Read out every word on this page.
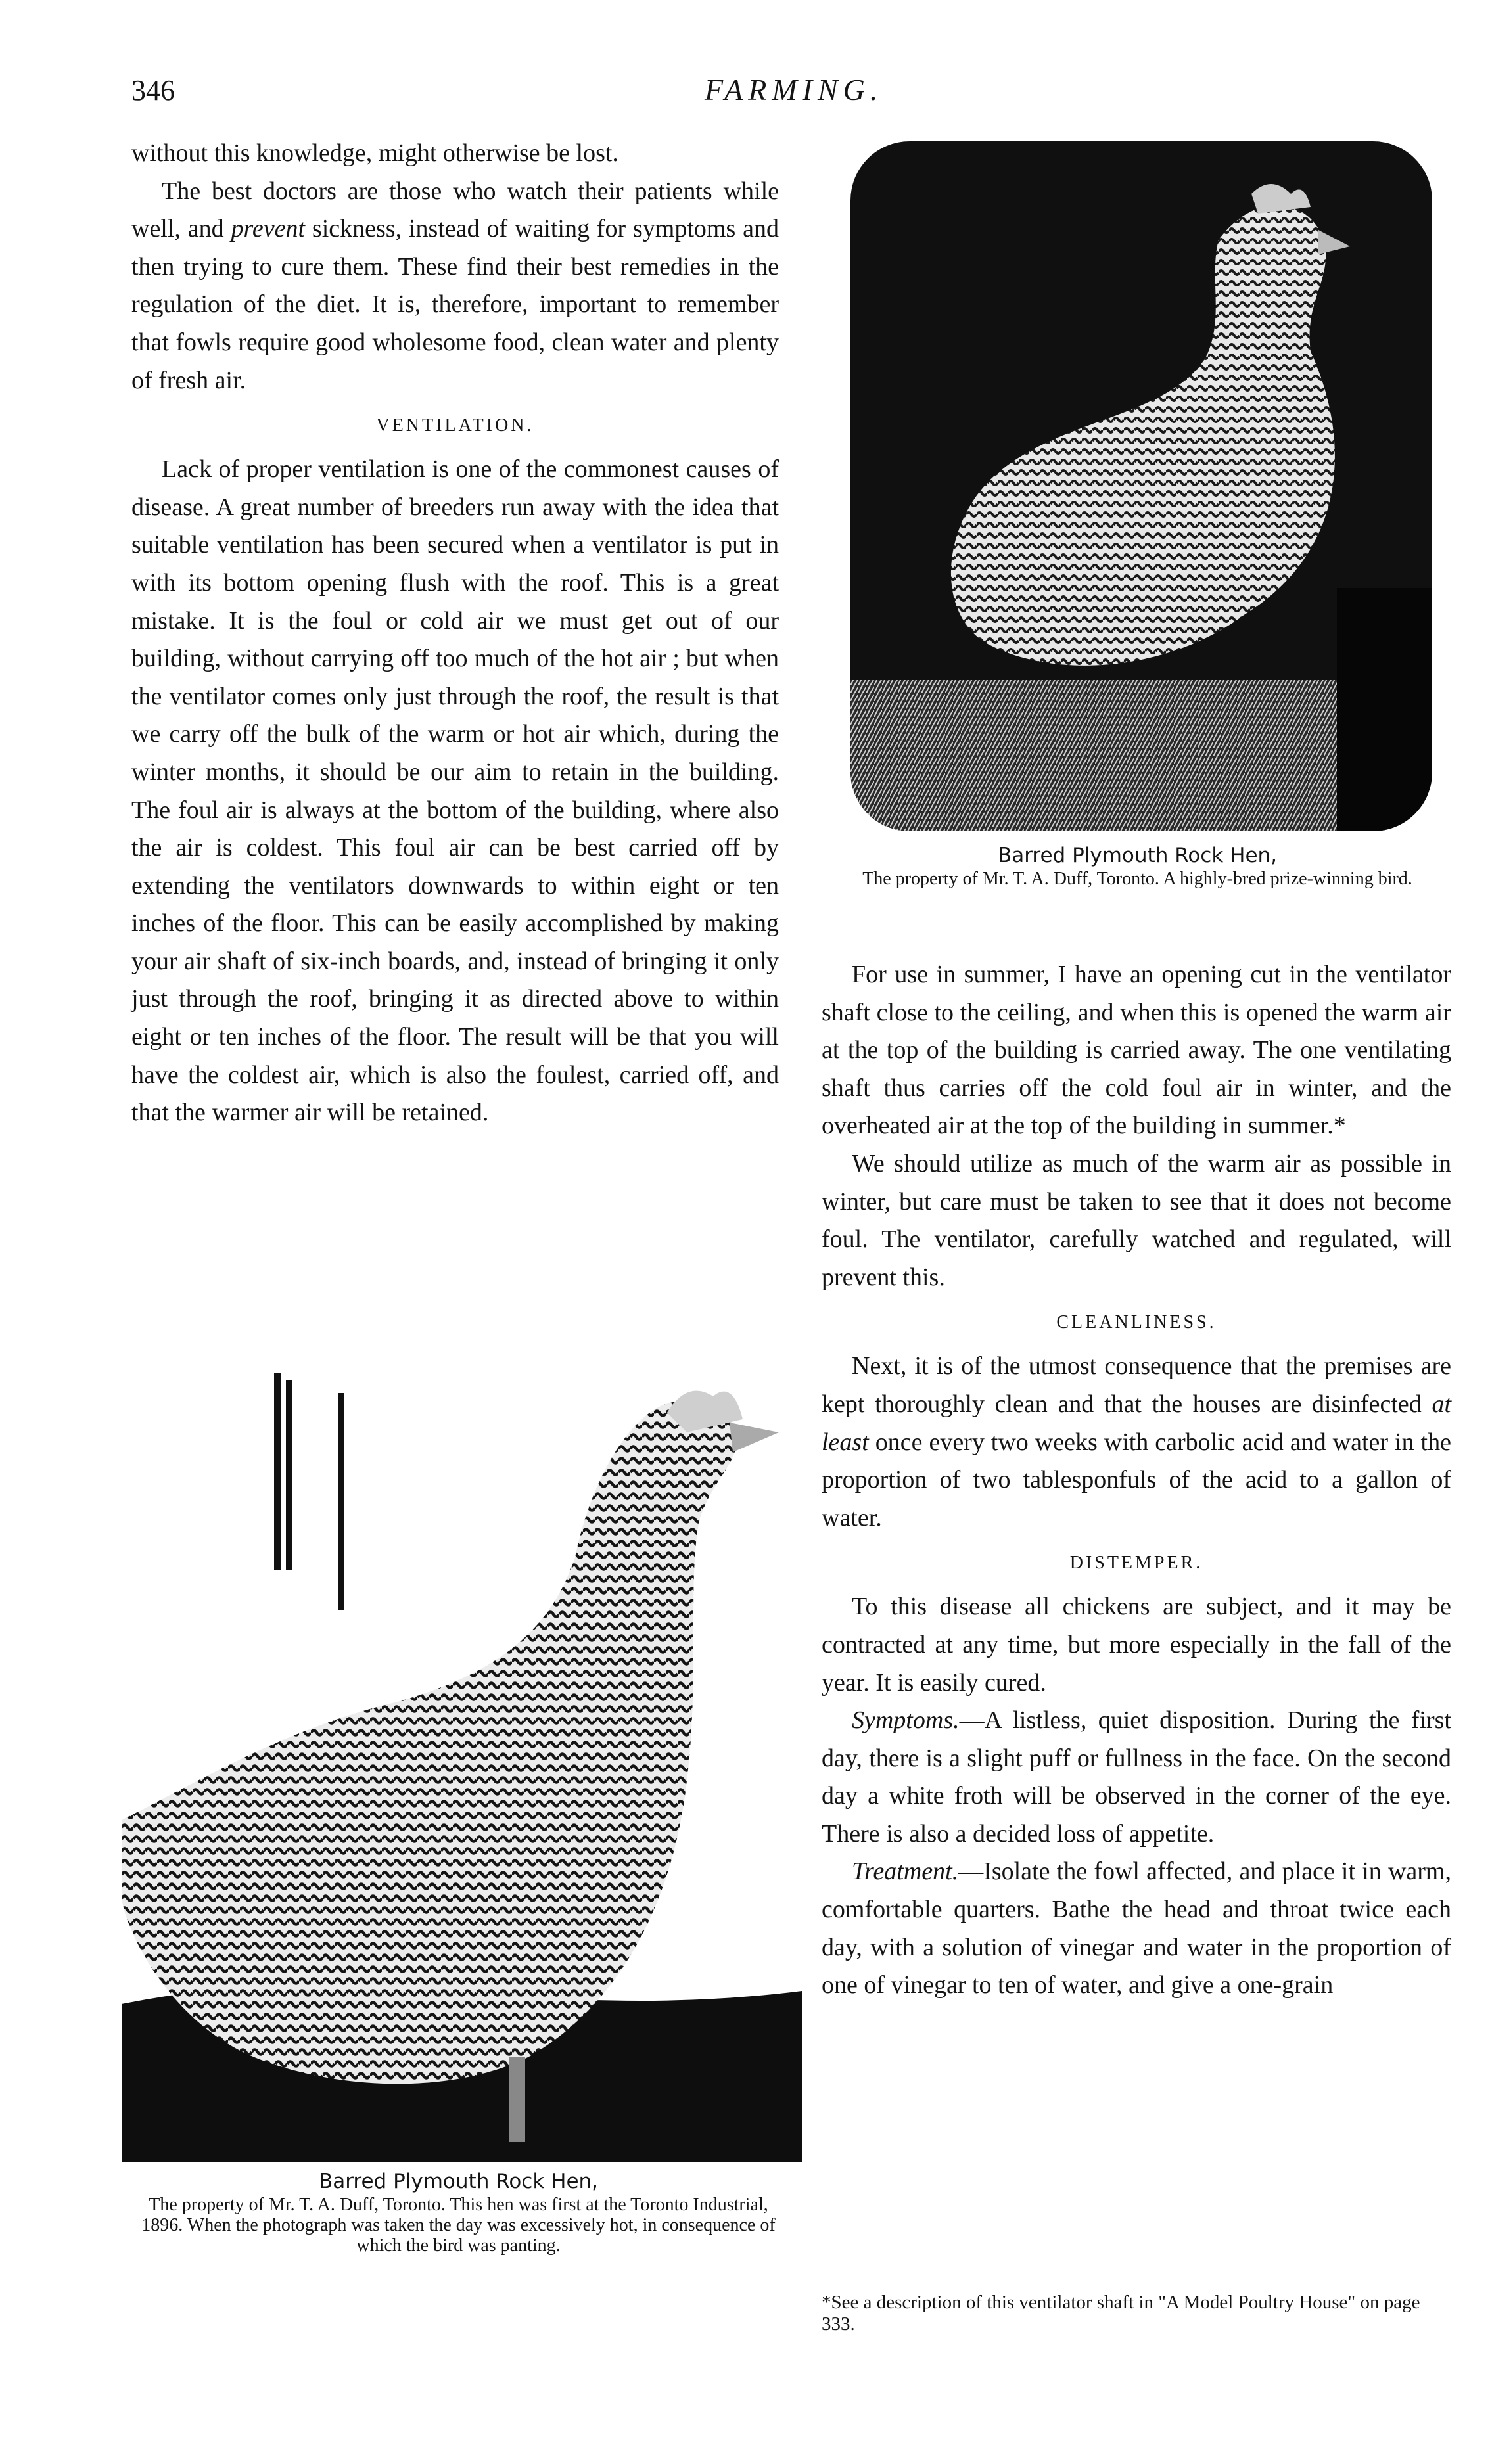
346	FARMING.

without this knowledge, might otherwise be lost.

The best doctors are those who watch their patients while well, and prevent sickness, instead of waiting for symptoms and then trying to cure them. These find their best remedies in the regulation of the diet. It is, therefore, important to remember that fowls require good wholesome food, clean water and plenty of fresh air.

VENTILATION.

Lack of proper ventilation is one of the commonest causes of disease. A great number of breeders run away with the idea that suitable ventilation has been secured when a ventilator is put in with its bottom opening flush with the roof. This is a great mistake. It is the foul or cold air we must get out of our building, without carrying off too much of the hot air ; but when the ventilator comes only just through the roof, the result is that we carry off the bulk of the warm or hot air which, during the winter months, it should be our aim to retain in the building. The foul air is always at the bottom of the building, where also the air is coldest. This foul air can be best carried off by extending the ventilators downwards to within eight or ten inches of the floor. This can be easily accomplished by making your air shaft of six-inch boards, and, instead of bringing it only just through the roof, bringing it as directed above to within eight or ten inches of the floor. The result will be that you will have the coldest air, which is also the foulest, carried off, and that the warmer air will be retained.

Barred Plymouth Rock Hen,
The property of Mr. T. A. Duff, Toronto. A highly-bred prize-winning bird.

For use in summer, I have an opening cut in the ventilator shaft close to the ceiling, and when this is opened the warm air at the top of the building is carried away. The one ventilating shaft thus carries off the cold foul air in winter, and the overheated air at the top of the building in summer.*

We should utilize as much of the warm air as possible in winter, but care must be taken to see that it does not become foul. The ventilator, carefully watched and regulated, will prevent this.

CLEANLINESS.

Next, it is of the utmost consequence that the premises are kept thoroughly clean and that the houses are disinfected at least once every two weeks with carbolic acid and water in the proportion of two tablesponfuls of the acid to a gallon of water.

DISTEMPER.

To this disease all chickens are subject, and it may be contracted at any time, but more especially in the fall of the year. It is easily cured.

Symptoms.—A listless, quiet disposition. During the first day, there is a slight puff or fullness in the face. On the second day a white froth will be observed in the corner of the eye. There is also a decided loss of appetite.

Treatment.—Isolate the fowl affected, and place it in warm, comfortable quarters. Bathe the head and throat twice each day, with a solution of vinegar and water in the proportion of one of vinegar to ten of water, and give a one-grain

Barred Plymouth Rock Hen,
The property of Mr. T. A. Duff, Toronto. This hen was first at the Toronto Industrial, 1896. When the photograph was taken the day was excessively hot, in consequence of which the bird was panting.
*See a description of this ventilator shaft in "A Model Poultry House" on page 333.
